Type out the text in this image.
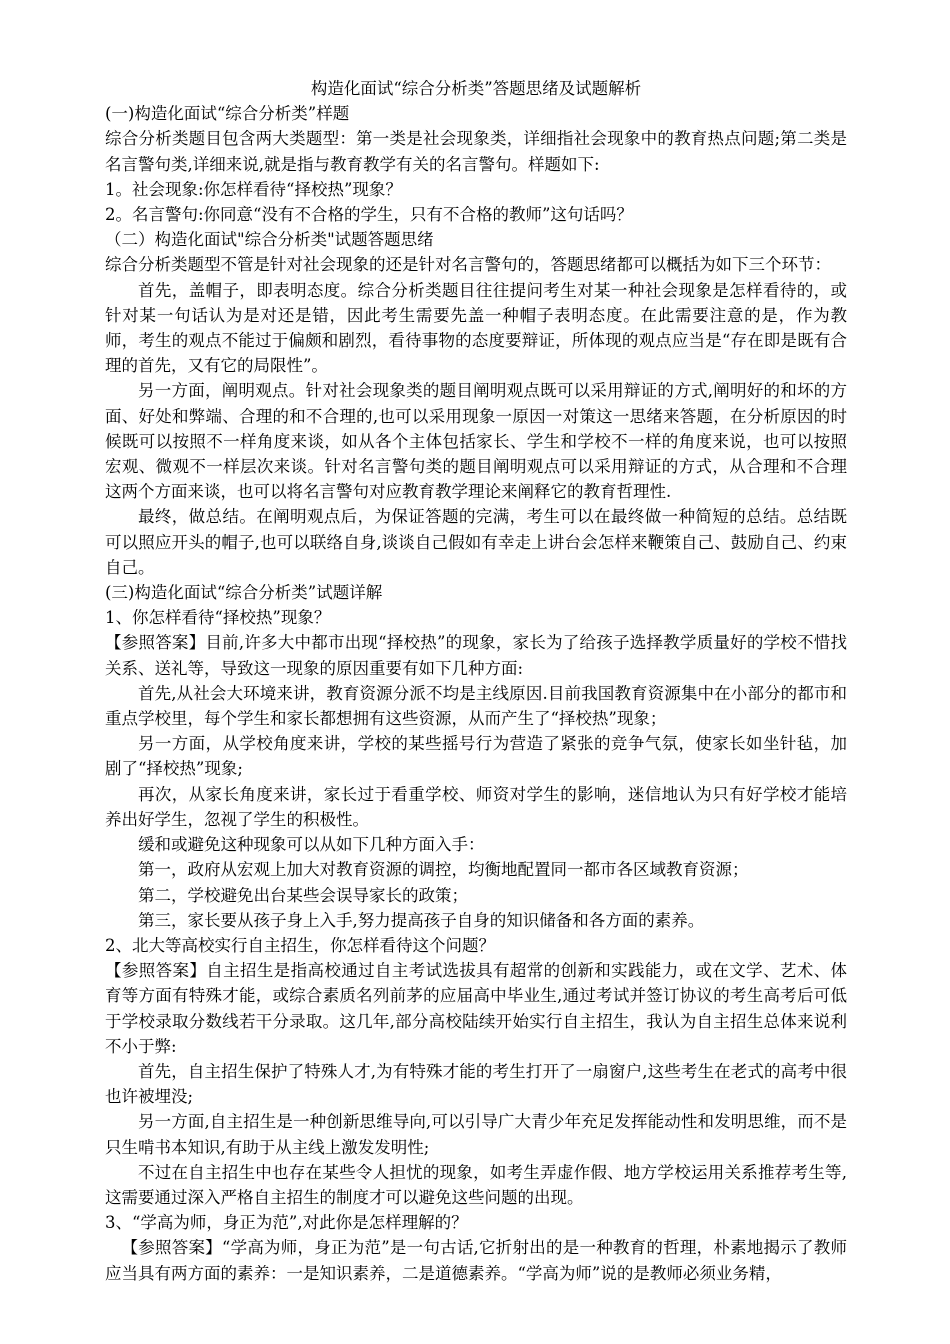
构造化面试“综合分析类”答题思绪及试题解析

(一)构造化面试“综合分析类”样题

综合分析类题目包含两大类题型：第一类是社会现象类，详细指社会现象中的教育热点问题;第二类是名言警句类,详细来说,就是指与教育教学有关的名言警句。样题如下:

1。社会现象:你怎样看待“择校热”现象？

2。名言警句:你同意“没有不合格的学生，只有不合格的教师”这句话吗？

（二）构造化面试"综合分析类"试题答题思绪

综合分析类题型不管是针对社会现象的还是针对名言警句的，答题思绪都可以概括为如下三个环节：

首先，盖帽子，即表明态度。综合分析类题目往往提问考生对某一种社会现象是怎样看待的，或针对某一句话认为是对还是错，因此考生需要先盖一种帽子表明态度。在此需要注意的是，作为教师，考生的观点不能过于偏颇和剧烈，看待事物的态度要辩证，所体现的观点应当是“存在即是既有合理的首先，又有它的局限性”。

另一方面，阐明观点。针对社会现象类的题目阐明观点既可以采用辩证的方式,阐明好的和坏的方面、好处和弊端、合理的和不合理的,也可以采用现象一原因一对策这一思绪来答题，在分析原因的时候既可以按照不一样角度来谈，如从各个主体包括家长、学生和学校不一样的角度来说，也可以按照宏观、微观不一样层次来谈。针对名言警句类的题目阐明观点可以采用辩证的方式，从合理和不合理这两个方面来谈，也可以将名言警句对应教育教学理论来阐释它的教育哲理性.

最终，做总结。在阐明观点后，为保证答题的完满，考生可以在最终做一种简短的总结。总结既可以照应开头的帽子,也可以联络自身,谈谈自己假如有幸走上讲台会怎样来鞭策自己、鼓励自己、约束自己。

(三)构造化面试“综合分析类”试题详解

1、你怎样看待“择校热”现象？

【参照答案】目前,许多大中都市出现“择校热”的现象，家长为了给孩子选择教学质量好的学校不惜找关系、送礼等，导致这一现象的原因重要有如下几种方面:

首先,从社会大环境来讲，教育资源分派不均是主线原因.目前我国教育资源集中在小部分的都市和重点学校里，每个学生和家长都想拥有这些资源，从而产生了“择校热”现象；

另一方面，从学校角度来讲，学校的某些摇号行为营造了紧张的竞争气氛，使家长如坐针毡，加剧了“择校热”现象;

再次，从家长角度来讲，家长过于看重学校、师资对学生的影响，迷信地认为只有好学校才能培养出好学生，忽视了学生的积极性。

缓和或避免这种现象可以从如下几种方面入手：

第一，政府从宏观上加大对教育资源的调控，均衡地配置同一都市各区域教育资源；

第二，学校避免出台某些会误导家长的政策；

第三，家长要从孩子身上入手,努力提高孩子自身的知识储备和各方面的素养。

2、北大等高校实行自主招生，你怎样看待这个问题？

【参照答案】自主招生是指高校通过自主考试选拔具有超常的创新和实践能力，或在文学、艺术、体育等方面有特殊才能，或综合素质名列前茅的应届高中毕业生,通过考试并签订协议的考生高考后可低于学校录取分数线若干分录取。这几年,部分高校陆续开始实行自主招生，我认为自主招生总体来说利不小于弊:

首先，自主招生保护了特殊人才,为有特殊才能的考生打开了一扇窗户,这些考生在老式的高考中很也许被埋没;

另一方面,自主招生是一种创新思维导向,可以引导广大青少年充足发挥能动性和发明思维，而不是只生啃书本知识,有助于从主线上激发发明性;

不过在自主招生中也存在某些令人担忧的现象，如考生弄虚作假、地方学校运用关系推荐考生等,这需要通过深入严格自主招生的制度才可以避免这些问题的出现。

3、“学高为师，身正为范”,对此你是怎样理解的？

【参照答案】“学高为师，身正为范”是一句古话,它折射出的是一种教育的哲理，朴素地揭示了教师应当具有两方面的素养：一是知识素养，二是道德素养。“学高为师”说的是教师必须业务精，
